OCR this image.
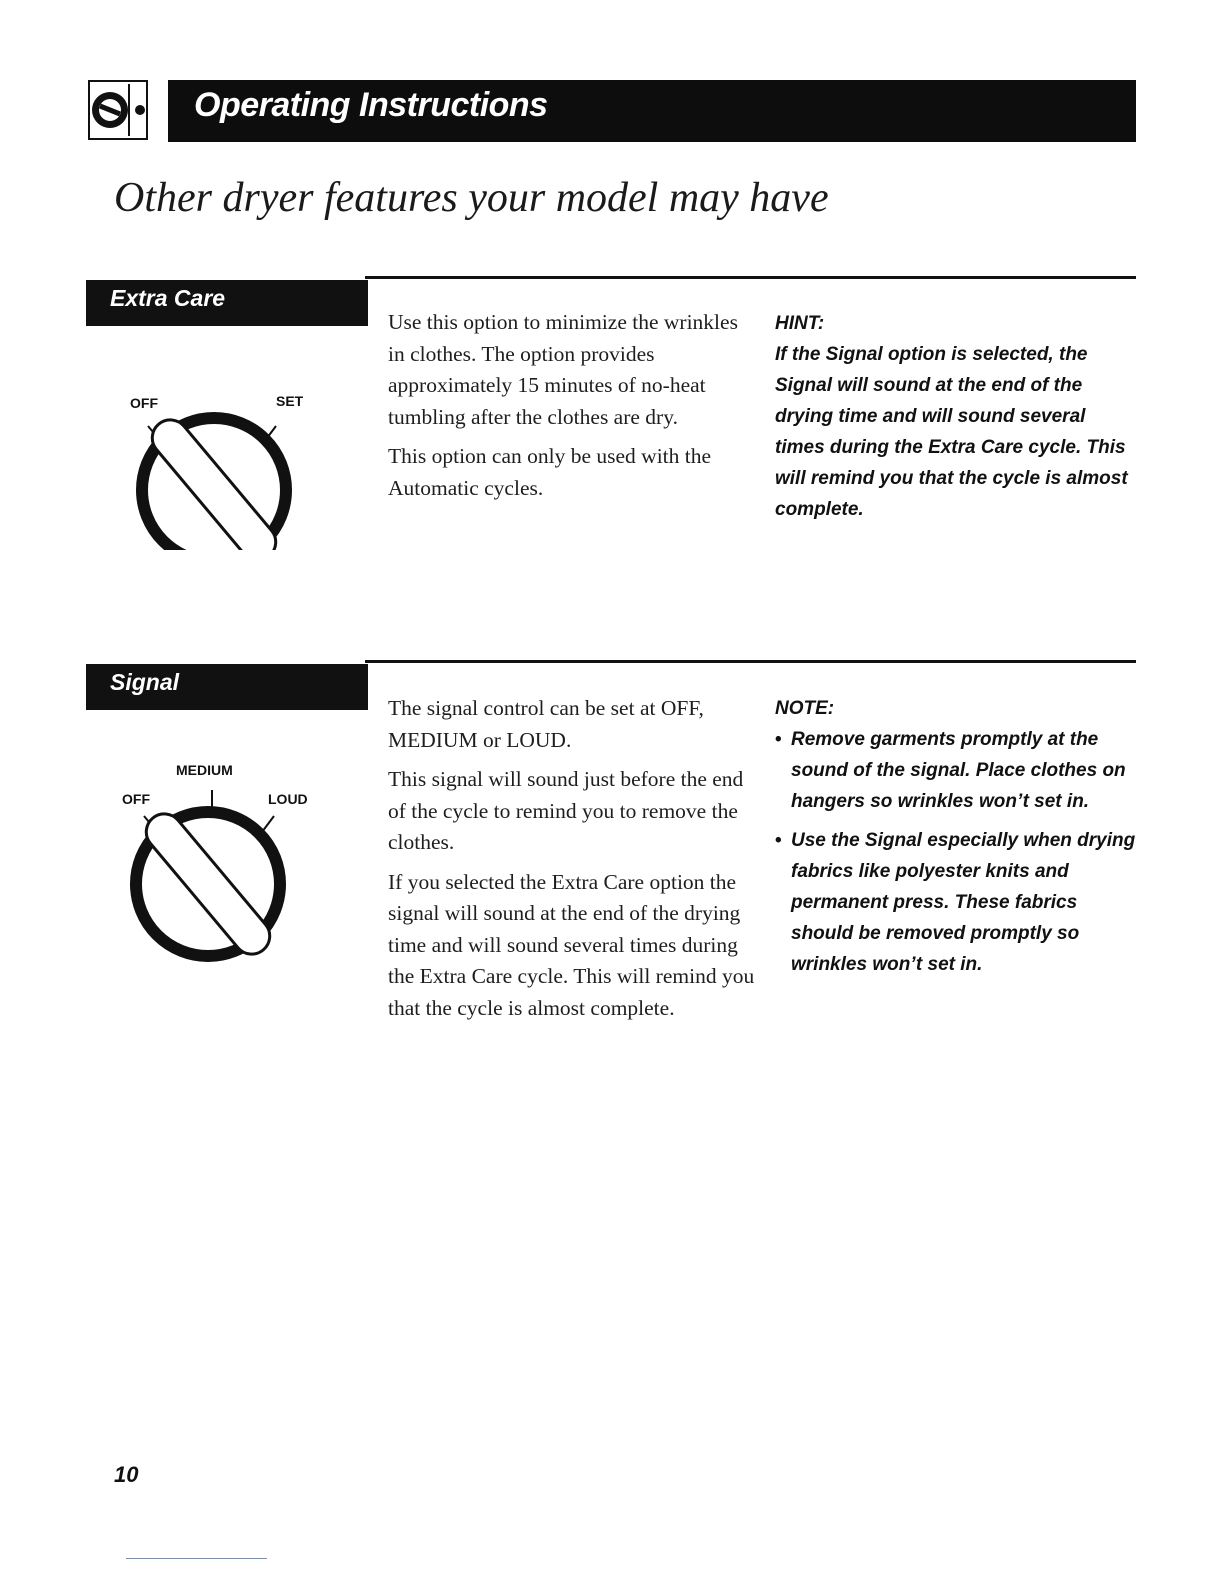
Operating Instructions
Other dryer features your model may have
Extra Care
OFF	SET

Use this option to minimize the wrinkles in clothes. The option provides approximately 15 minutes of no-heat tumbling after the clothes are dry.

This option can only be used with the Automatic cycles.

HINT:

If the Signal option is selected, the Signal will sound at the end of the drying time and will sound several times during the Extra Care cycle. This will remind you that the cycle is almost complete.

Signal
MEDIUM
OFF	LOUD

The signal control can be set at OFF, MEDIUM or LOUD.

This signal will sound just before the end of the cycle to remind you to remove the clothes.

If you selected the Extra Care option the signal will sound at the end of the drying time and will sound several times during the Extra Care cycle. This will remind you that the cycle is almost complete.

NOTE:

• Remove garments promptly at the sound of the signal. Place clothes on hangers so wrinkles won’t set in.
• Use the Signal especially when drying fabrics like polyester knits and permanent press. These fabrics should be removed promptly so wrinkles won’t set in.
10
